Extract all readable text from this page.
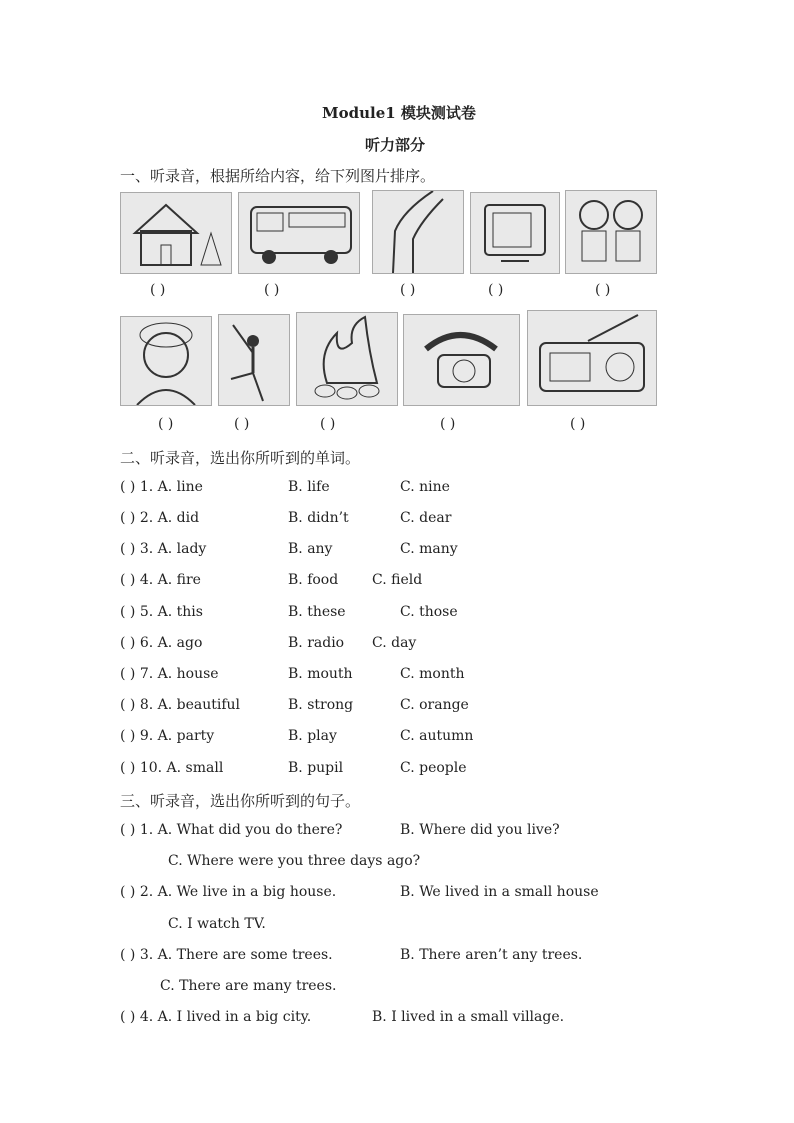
Module1 模块测试卷
听力部分
一、听录音，根据所给内容，给下列图片排序。
( )	( )	( )	( )	( )
( )	( )	( )	( )	( )
二、听录音，选出你所听到的单词。
( ) 1. A. line	B. life	C. nine
( ) 2. A. did	B. didn’t	C. dear
( ) 3. A. lady	B. any	C. many
( ) 4. A. fire	B. food C. field
( ) 5. A. this	B. these	C. those
( ) 6. A. ago	B. radio C. day
( ) 7. A. house	B. mouth	C. month
( ) 8. A. beautiful	B. strong	C. orange
( ) 9. A. party	B. play	C. autumn
( ) 10. A. small	B. pupil	C. people
三、听录音，选出你所听到的句子。
( ) 1. A. What did you do there?	B. Where did you live?
C. Where were you three days ago?
( ) 2. A. We live in a big house.	B. We lived in a small house
C. I watch TV.
( ) 3. A. There are some trees.	B. There aren’t any trees.
C. There are many trees.
( ) 4. A. I lived in a big city.	B. I lived in a small village.
